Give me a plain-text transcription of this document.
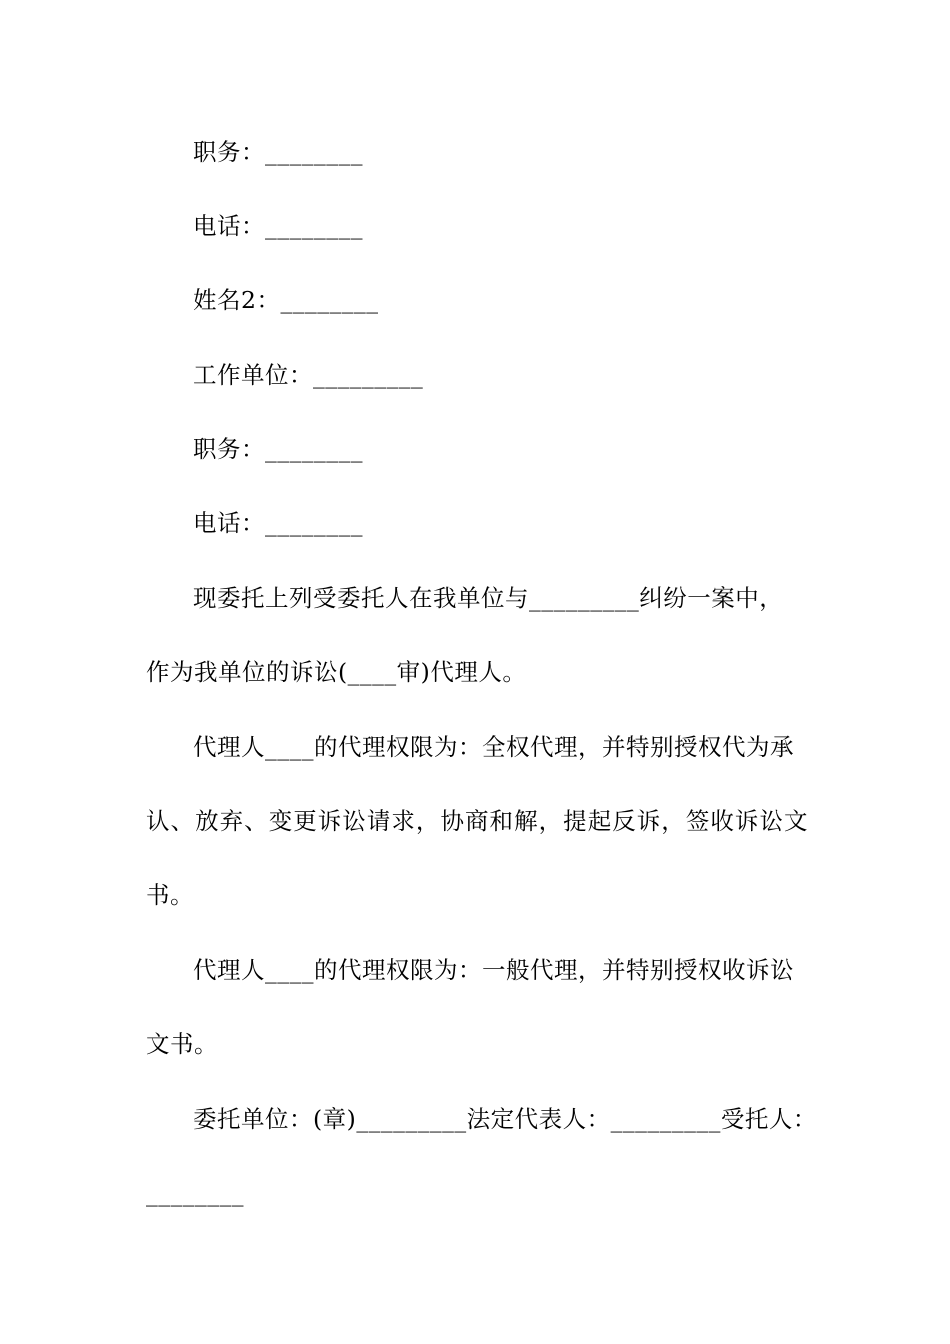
职务：________
电话：________
姓名2：________
工作单位：_________
职务：________
电话：________
现委托上列受委托人在我单位与_________纠纷一案中，
作为我单位的诉讼(____审)代理人。
代理人____的代理权限为：全权代理，并特别授权代为承
认、放弃、变更诉讼请求，协商和解，提起反诉，签收诉讼文
书。
代理人____的代理权限为：一般代理，并特别授权收诉讼
文书。
委托单位：(章)_________法定代表人：_________受托人：
________
